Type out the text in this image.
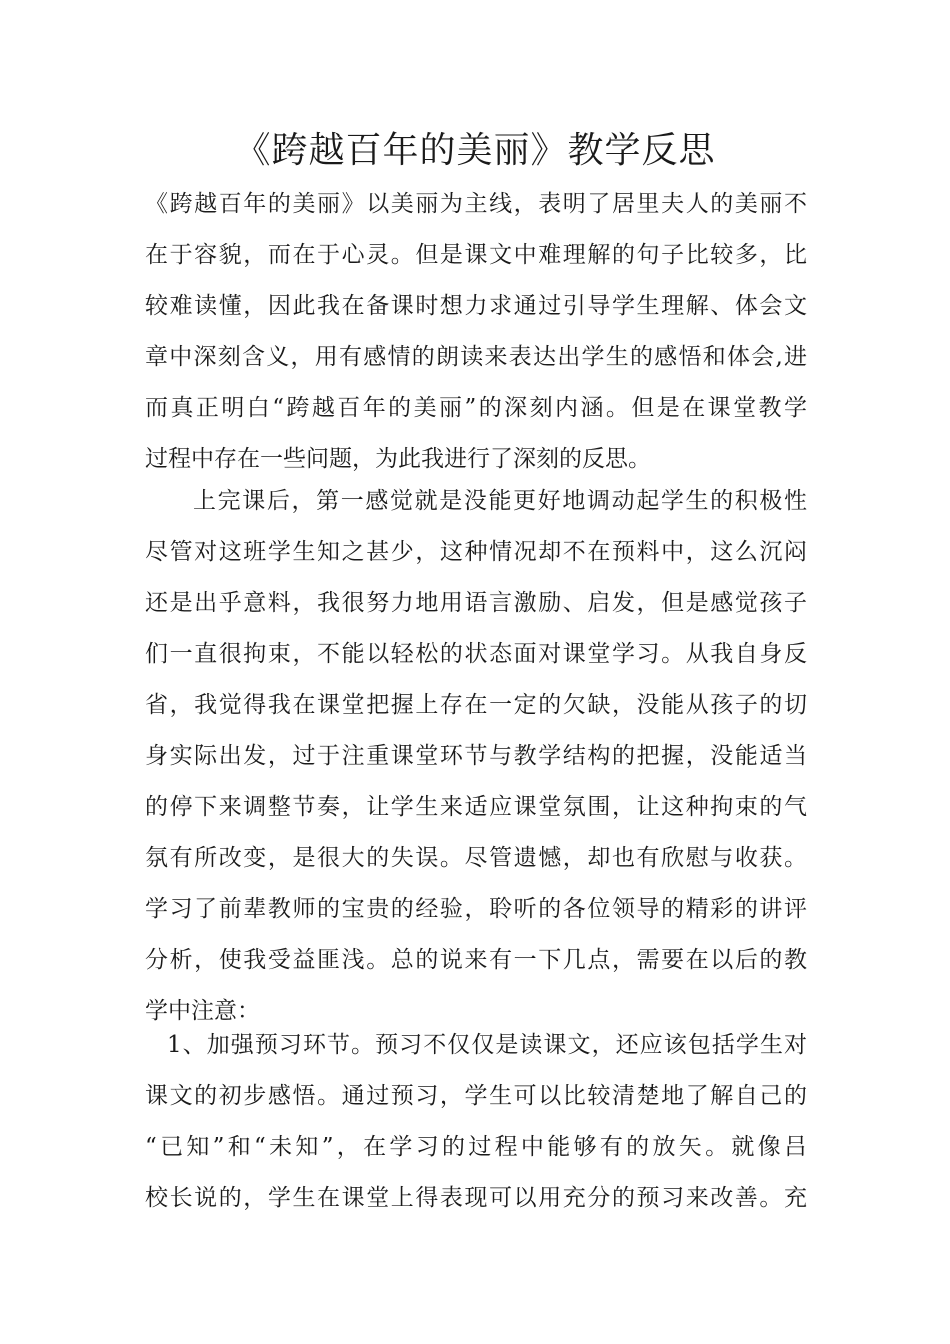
《跨越百年的美丽》教学反思
《跨越百年的美丽》以美丽为主线，表明了居里夫人的美丽不
在于容貌，而在于心灵。但是课文中难理解的句子比较多，比
较难读懂，因此我在备课时想力求通过引导学生理解、体会文
章中深刻含义，用有感情的朗读来表达出学生的感悟和体会,进
而真正明白“跨越百年的美丽”的深刻内涵。但是在课堂教学
过程中存在一些问题，为此我进行了深刻的反思。
上完课后，第一感觉就是没能更好地调动起学生的积极性
尽管对这班学生知之甚少，这种情况却不在预料中，这么沉闷
还是出乎意料，我很努力地用语言激励、启发，但是感觉孩子
们一直很拘束，不能以轻松的状态面对课堂学习。从我自身反
省，我觉得我在课堂把握上存在一定的欠缺，没能从孩子的切
身实际出发，过于注重课堂环节与教学结构的把握，没能适当
的停下来调整节奏，让学生来适应课堂氛围，让这种拘束的气
氛有所改变，是很大的失误。尽管遗憾，却也有欣慰与收获。
学习了前辈教师的宝贵的经验，聆听的各位领导的精彩的讲评
分析，使我受益匪浅。总的说来有一下几点，需要在以后的教
学中注意：
1、加强预习环节。预习不仅仅是读课文，还应该包括学生对
课文的初步感悟。通过预习，学生可以比较清楚地了解自己的
“已知”和“未知”，在学习的过程中能够有的放矢。就像吕
校长说的，学生在课堂上得表现可以用充分的预习来改善。充
